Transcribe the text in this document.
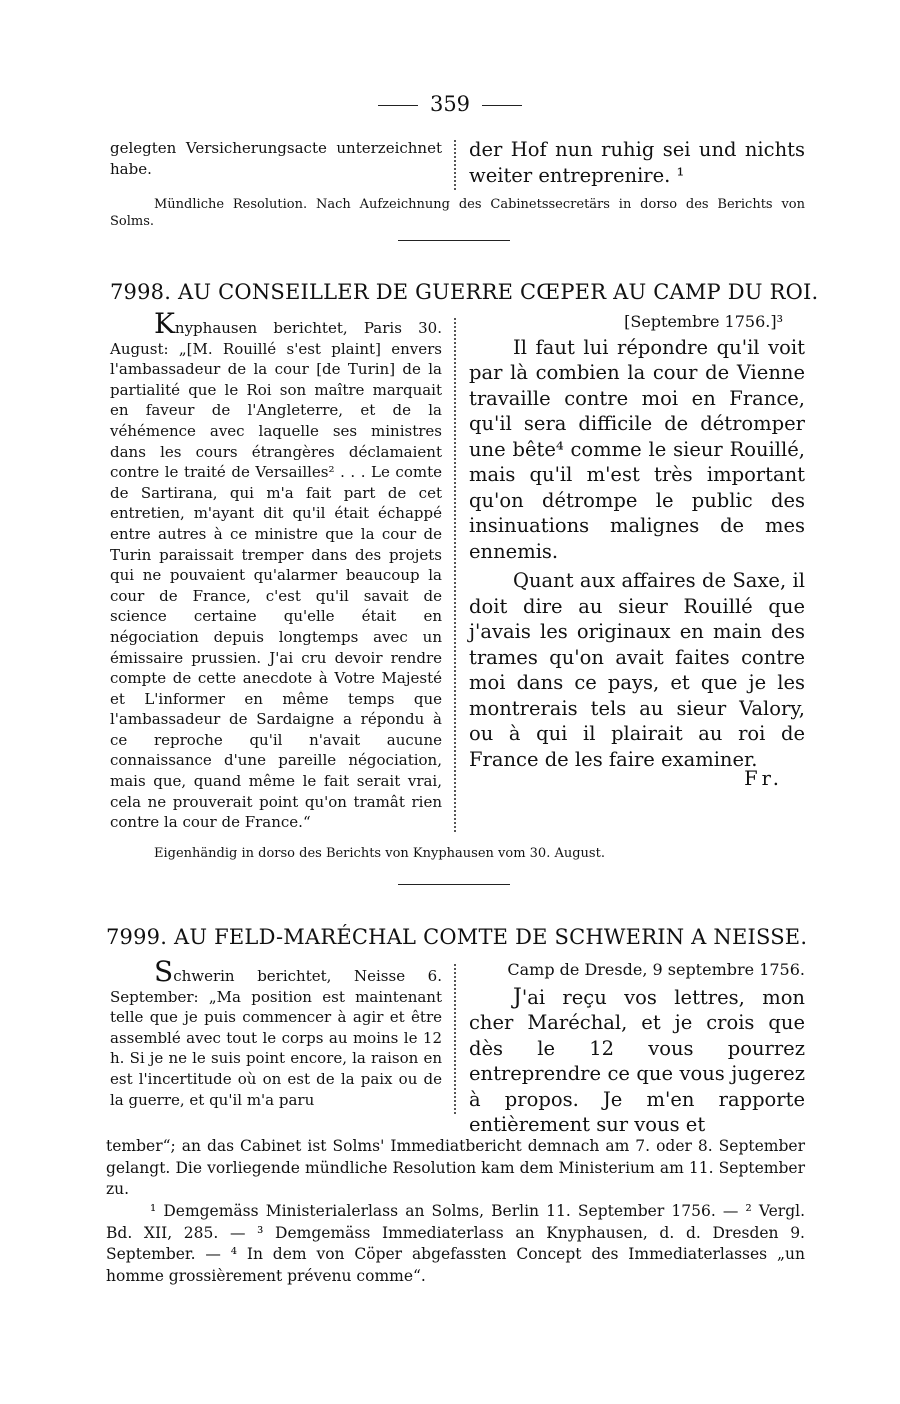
359
gelegten Versicherungsacte unterzeichnet habe.
der Hof nun ruhig sei und nichts weiter entreprenire. ¹
Mündliche Resolution. Nach Aufzeichnung des Cabinetssecretärs in dorso des Berichts von Solms.
7998. AU CONSEILLER DE GUERRE CŒPER AU CAMP DU ROI.

Knyphausen berichtet, Paris 30. August: „[M. Rouillé s'est plaint] envers l'ambassadeur de la cour [de Turin] de la partialité que le Roi son maître marquait en faveur de l'Angleterre, et de la véhémence avec laquelle ses ministres dans les cours étrangères déclamaient contre le traité de Versailles² . . . Le comte de Sartirana, qui m'a fait part de cet entretien, m'ayant dit qu'il était échappé entre autres à ce ministre que la cour de Turin paraissait tremper dans des projets qui ne pouvaient qu'alarmer beaucoup la cour de France, c'est qu'il savait de science certaine qu'elle était en négociation depuis longtemps avec un émissaire prussien. J'ai cru devoir rendre compte de cette anecdote à Votre Majesté et L'informer en même temps que l'ambassadeur de Sardaigne a répondu à ce reproche qu'il n'avait aucune connaissance d'une pareille négociation, mais que, quand même le fait serait vrai, cela ne prouverait point qu'on tramât rien contre la cour de France.“

[Septembre 1756.]³

Il faut lui répondre qu'il voit par là combien la cour de Vienne travaille contre moi en France, qu'il sera difficile de détromper une bête⁴ comme le sieur Rouillé, mais qu'il m'est très important qu'on détrompe le public des insinuations malignes de mes ennemis.

Quant aux affaires de Saxe, il doit dire au sieur Rouillé que j'avais les originaux en main des trames qu'on avait faites contre moi dans ce pays, et que je les montrerais tels au sieur Valory, ou à qui il plairait au roi de France de les faire examiner.

Fr.
Eigenhändig in dorso des Berichts von Knyphausen vom 30. August.
7999. AU FELD-MARÉCHAL COMTE DE SCHWERIN A NEISSE.

Schwerin berichtet, Neisse 6. September: „Ma position est maintenant telle que je puis commencer à agir et être assemblé avec tout le corps au moins le 12 h. Si je ne le suis point encore, la raison en est l'incertitude où on est de la paix ou de la guerre, et qu'il m'a paru

Camp de Dresde, 9 septembre 1756.

J'ai reçu vos lettres, mon cher Maréchal, et je crois que dès le 12 vous pourrez entreprendre ce que vous jugerez à propos. Je m'en rapporte entièrement sur vous et

tember“; an das Cabinet ist Solms' Immediatbericht demnach am 7. oder 8. September gelangt. Die vorliegende mündliche Resolution kam dem Ministerium am 11. September zu.
¹ Demgemäss Ministerialerlass an Solms, Berlin 11. September 1756. — ² Vergl. Bd. XII, 285. — ³ Demgemäss Immediaterlass an Knyphausen, d. d. Dresden 9. September. — ⁴ In dem von Cöper abgefassten Concept des Immediaterlasses „un homme grossièrement prévenu comme“.
